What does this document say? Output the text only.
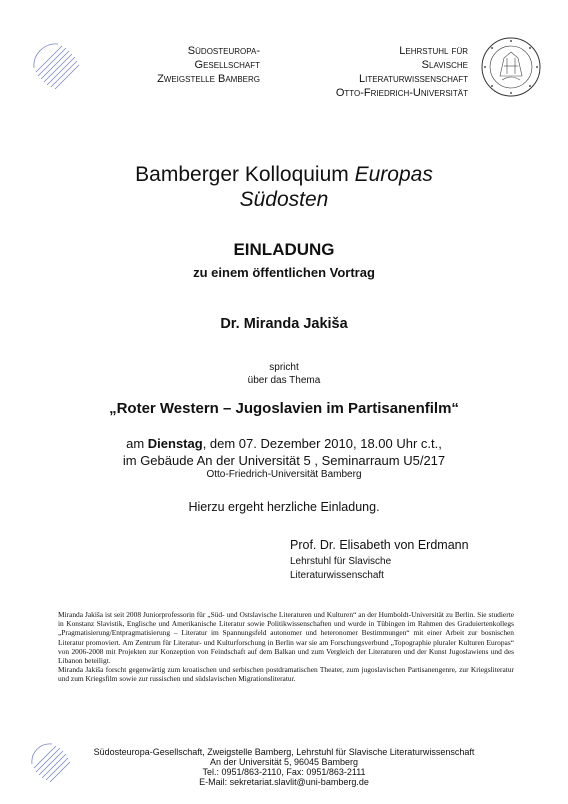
Südosteuropa-
Gesellschaft
Zweigstelle Bamberg
Lehrstuhl für
Slavische
Literaturwissenschaft
Otto-Friedrich-Universität
Bamberger Kolloquium Europas
Südosten
EINLADUNG
zu einem öffentlichen Vortrag
Dr. Miranda Jakiša
spricht
über das Thema
„Roter Western – Jugoslavien im Partisanenfilm“
am Dienstag, dem 07. Dezember 2010, 18.00 Uhr c.t.,
im Gebäude An der Universität 5 , Seminarraum U5/217
Otto-Friedrich-Universität Bamberg
Hierzu ergeht herzliche Einladung.
Prof. Dr. Elisabeth von Erdmann
Lehrstuhl für Slavische
Literaturwissenschaft
Miranda Jakiša ist seit 2008 Juniorprofessorin für „Süd- und Ostslavische Literaturen und Kulturen“ an der Humboldt-Universität zu Berlin. Sie studierte in Konstanz Slavistik, Englische und Amerikanische Literatur sowie Politikwissenschaften und wurde in Tübingen im Rahmen des Graduiertenkollegs „Pragmatisierung/Entpragmatisierung – Literatur im Spannungsfeld autonomer und heteronomer Bestimmungen“ mit einer Arbeit zur bosnischen Literatur promoviert. Am Zentrum für Literatur- und Kulturforschung in Berlin war sie am Forschungsverbund „Topographie pluraler Kulturen Europas“ von 2006-2008 mit Projekten zur Konzeption von Feindschaft auf dem Balkan und zum Vergleich der Literaturen und der Kunst Jugoslawiens und des Libanon beteiligt.
Miranda Jakiša forscht gegenwärtig zum kroatischen und serbischen postdramatischen Theater, zum jugoslavischen Partisanengenre, zur Kriegsliteratur und zum Kriegsfilm sowie zur russischen und südslavischen Migrationsliteratur.
Südosteuropa-Gesellschaft, Zweigstelle Bamberg, Lehrstuhl für Slavische Literaturwissenschaft
An der Universität 5, 96045 Bamberg
Tel.: 0951/863-2110, Fax: 0951/863-2111
E-Mail: sekretariat.slavlit@uni-bamberg.de
